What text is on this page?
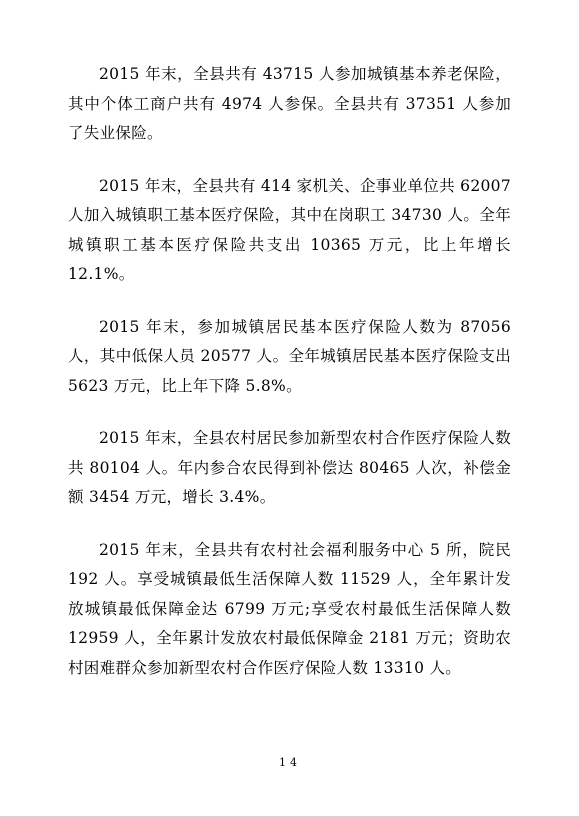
2015 年末，全县共有 43715 人参加城镇基本养老保险，其中个体工商户共有 4974 人参保。全县共有 37351 人参加了失业保险。

2015 年末，全县共有 414 家机关、企事业单位共 62007 人加入城镇职工基本医疗保险，其中在岗职工 34730 人。全年城镇职工基本医疗保险共支出 10365 万元，比上年增长 12.1%。

2015 年末，参加城镇居民基本医疗保险人数为 87056 人，其中低保人员 20577 人。全年城镇居民基本医疗保险支出 5623 万元，比上年下降 5.8%。

2015 年末，全县农村居民参加新型农村合作医疗保险人数共 80104 人。年内参合农民得到补偿达 80465 人次，补偿金额 3454 万元，增长 3.4%。

2015 年末，全县共有农村社会福利服务中心 5 所，院民 192 人。享受城镇最低生活保障人数 11529 人，全年累计发放城镇最低保障金达 6799 万元;享受农村最低生活保障人数 12959 人，全年累计发放农村最低保障金 2181 万元；资助农村困难群众参加新型农村合作医疗保险人数 13310 人。

14
